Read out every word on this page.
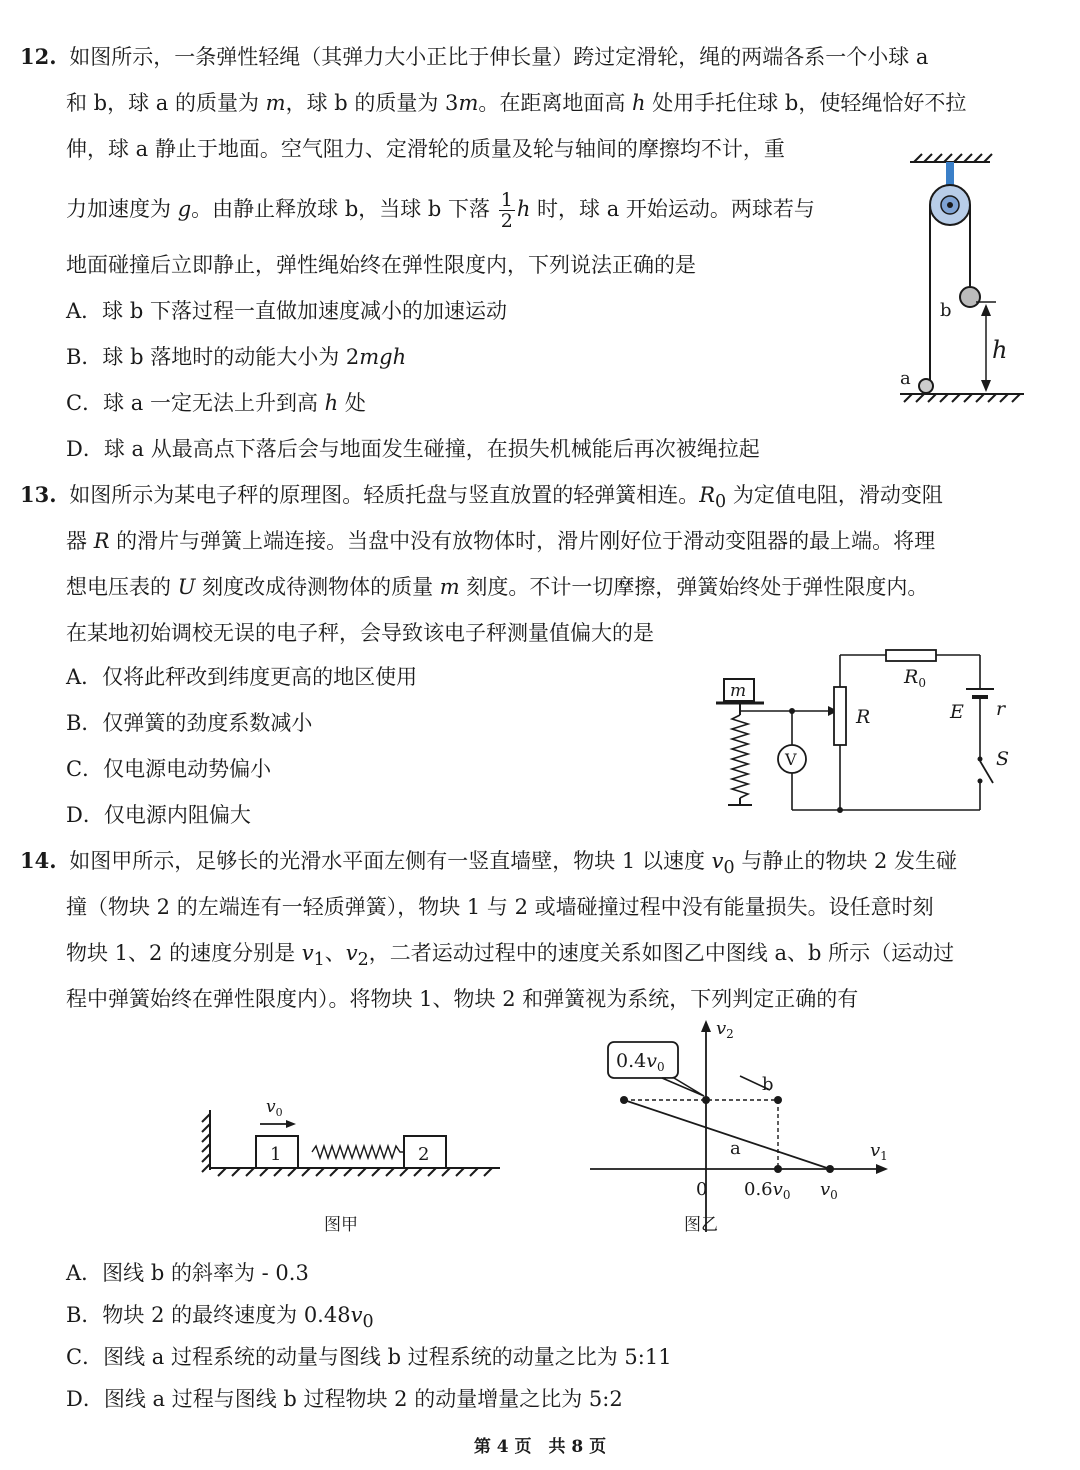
12. 如图所示，一条弹性轻绳（其弹力大小正比于伸长量）跨过定滑轮，绳的两端各系一个小球 a
和 b，球 a 的质量为 m，球 b 的质量为 3m。在距离地面高 h 处用手托住球 b，使轻绳恰好不拉
伸，球 a 静止于地面。空气阻力、定滑轮的质量及轮与轴间的摩擦均不计，重
力加速度为 g。由静止释放球 b，当球 b 下落 $\frac{1}{2}$ h 时，球 a 开始运动。两球若与
地面碰撞后立即静止，弹性绳始终在弹性限度内，下列说法正确的是
A．球 b 下落过程一直做加速度减小的加速运动
B．球 b 落地时的动能大小为 2mgh
C．球 a 一定无法上升到高 h 处
D．球 a 从最高点下落后会与地面发生碰撞，在损失机械能后再次被绳拉起
b
a
h
13. 如图所示为某电子秤的原理图。轻质托盘与竖直放置的轻弹簧相连。$R_0$ 为定值电阻，滑动变阻
器 R 的滑片与弹簧上端连接。当盘中没有放物体时，滑片刚好位于滑动变阻器的最上端。将理
想电压表的 U 刻度改成待测物体的质量 m 刻度。不计一切摩擦，弹簧始终处于弹性限度内。
在某地初始调校无误的电子秤，会导致该电子秤测量值偏大的是
A．仅将此秤改到纬度更高的地区使用
B．仅弹簧的劲度系数减小
C．仅电源电动势偏小
D．仅电源内阻偏大
m
V
R
$R_0$
E r
S
14. 如图甲所示，足够长的光滑水平面左侧有一竖直墙壁，物块 1 以速度 $v_0$ 与静止的物块 2 发生碰
撞（物块 2 的左端连有一轻质弹簧），物块 1 与 2 或墙碰撞过程中没有能量损失。设任意时刻
物块 1、2 的速度分别是 $v_1$、$v_2$，二者运动过程中的速度关系如图乙中图线 a、b 所示（运动过
程中弹簧始终在弹性限度内）。将物块 1、物块 2 和弹簧视为系统，下列判定正确的有
1	2
$v_0$
图甲
$v_2$
$v_1$
$0.4v_0$
a
b
0 $0.6v_0$ $v_0$
图乙
A．图线 b 的斜率为 - 0.3
B．物块 2 的最终速度为 $0.48v_0$
C．图线 a 过程系统的动量与图线 b 过程系统的动量之比为 5:11
D．图线 a 过程与图线 b 过程物块 2 的动量增量之比为 5:2
第 4 页　共 8 页
